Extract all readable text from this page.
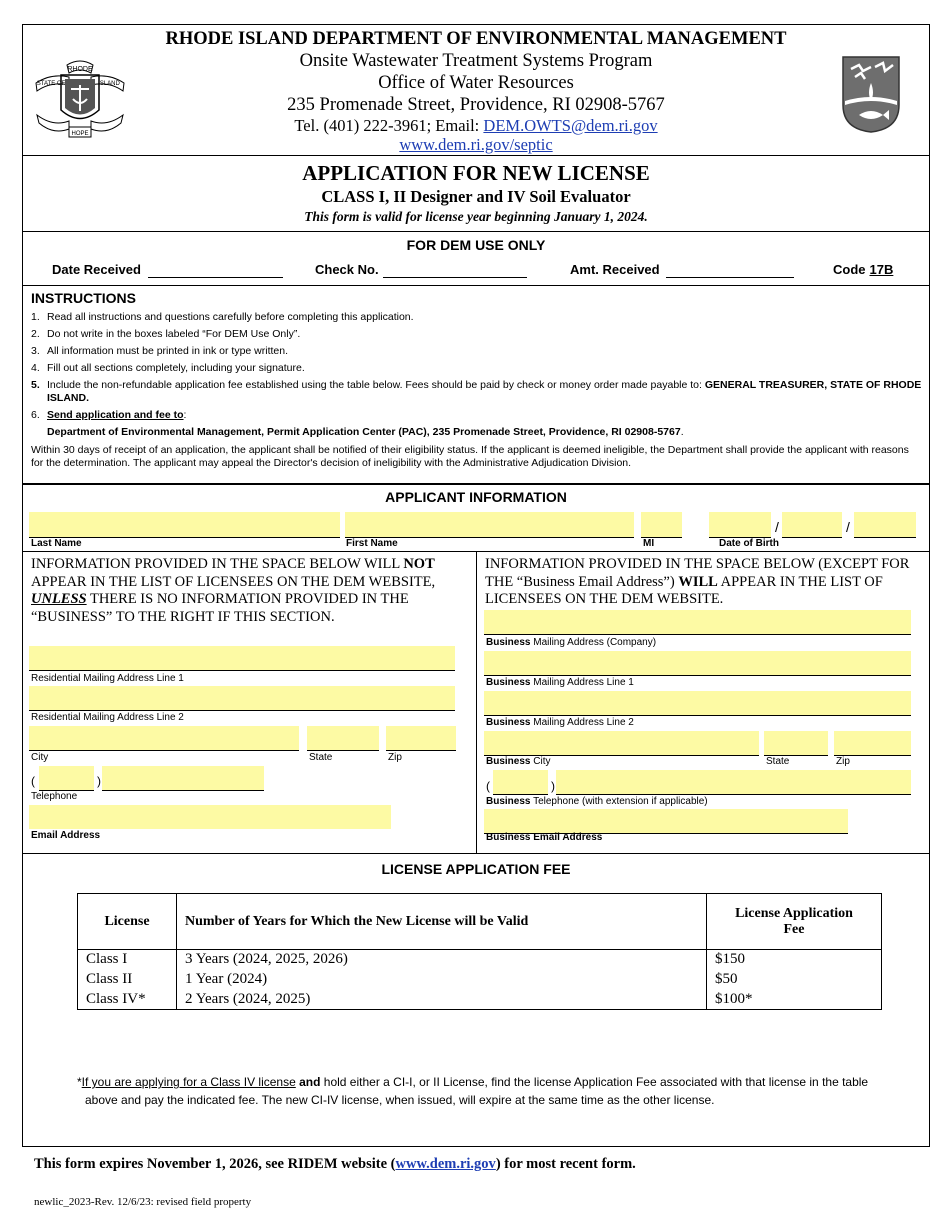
RHODE
STATE OF	ISLAND
HOPE
RHODE ISLAND DEPARTMENT OF ENVIRONMENTAL MANAGEMENT
Onsite Wastewater Treatment Systems Program
Office of Water Resources
235 Promenade Street, Providence, RI 02908-5767
Tel. (401) 222-3961; Email: DEM.OWTS@dem.ri.gov
www.dem.ri.gov/septic
APPLICATION FOR NEW LICENSE
CLASS I, II Designer and IV Soil Evaluator
This form is valid for license year beginning January 1, 2024.
FOR DEM USE ONLY
Date Received	Check No.	Amt. Received	Code 17B
INSTRUCTIONS
1. Read all instructions and questions carefully before completing this application.
2. Do not write in the boxes labeled “For DEM Use Only”.
3. All information must be printed in ink or type written.
4. Fill out all sections completely, including your signature.
5. Include the non-refundable application fee established using the table below. Fees should be paid by check or money order made payable to: GENERAL TREASURER, STATE OF RHODE ISLAND.
6. Send application and fee to:
Department of Environmental Management, Permit Application Center (PAC), 235 Promenade Street, Providence, RI 02908-5767.
Within 30 days of receipt of an application, the applicant shall be notified of their eligibility status. If the applicant is deemed ineligible, the Department shall provide the applicant with reasons for the determination. The applicant may appeal the Director's decision of ineligibility with the Administrative Adjudication Division.
APPLICANT INFORMATION
/	/
Last Name	First Name	MI	Date of Birth
INFORMATION PROVIDED IN THE SPACE BELOW WILL NOT APPEAR IN THE LIST OF LICENSEES ON THE DEM WEBSITE, UNLESS THERE IS NO INFORMATION PROVIDED IN THE “BUSINESS” TO THE RIGHT IF THIS SECTION.
INFORMATION PROVIDED IN THE SPACE BELOW (EXCEPT FOR THE “Business Email Address”) WILL APPEAR IN THE LIST OF LICENSEES ON THE DEM WEBSITE.
Residential Mailing Address Line 1
Residential Mailing Address Line 2
City	State	Zip
(	)
Telephone
Email Address
Business Mailing Address (Company)
Business Mailing Address Line 1
Business Mailing Address Line 2
Business City	State	Zip
(	)
Business Telephone (with extension if applicable)
Business Email Address
LICENSE APPLICATION FEE
License	Number of Years for Which the New License will be Valid	License Application Fee
Class I	3 Years (2024, 2025, 2026)	$150
Class II	1 Year (2024)	$50
Class IV*	2 Years (2024, 2025)	$100*
*If you are applying for a Class IV license and hold either a CI-I, or II License, find the license Application Fee associated with that license in the table above and pay the indicated fee. The new CI-IV license, when issued, will expire at the same time as the other license.
This form expires November 1, 2026, see RIDEM website (www.dem.ri.gov) for most recent form.
newlic_2023-Rev. 12/6/23: revised field property
